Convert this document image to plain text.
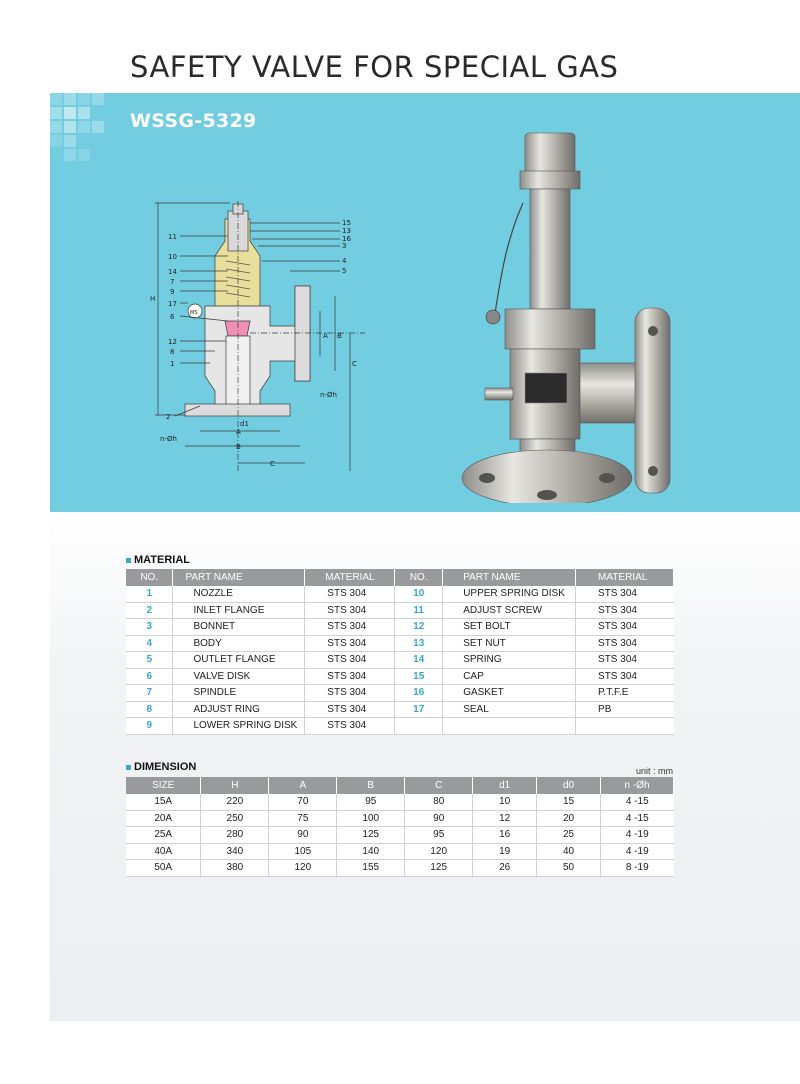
SAFETY VALVE FOR SPECIAL GAS
WSSG-5329
11
10
14
7
9
17
6
12
8
1
2
15
13
16
3
4
5
H
A B
C
d1
n-Øh
n-Øh
A
B
C
MS
MATERIAL
NO.	PART NAME	MATERIAL	NO.	PART NAME	MATERIAL
1	NOZZLE	STS 304	10	UPPER SPRING DISK	STS 304
2	INLET FLANGE	STS 304	11	ADJUST SCREW	STS 304
3	BONNET	STS 304	12	SET BOLT	STS 304
4	BODY	STS 304	13	SET NUT	STS 304
5	OUTLET FLANGE	STS 304	14	SPRING	STS 304
6	VALVE DISK	STS 304	15	CAP	STS 304
7	SPINDLE	STS 304	16	GASKET	P.T.F.E
8	ADJUST RING	STS 304	17	SEAL	PB
9	LOWER SPRING DISK	STS 304			
DIMENSION	unit : mm
SIZE	H	A	B	C	d1	d0	n -Øh
15A	220	70	95	80	10	15	4 -15
20A	250	75	100	90	12	20	4 -15
25A	280	90	125	95	16	25	4 -19
40A	340	105	140	120	19	40	4 -19
50A	380	120	155	125	26	50	8 -19
